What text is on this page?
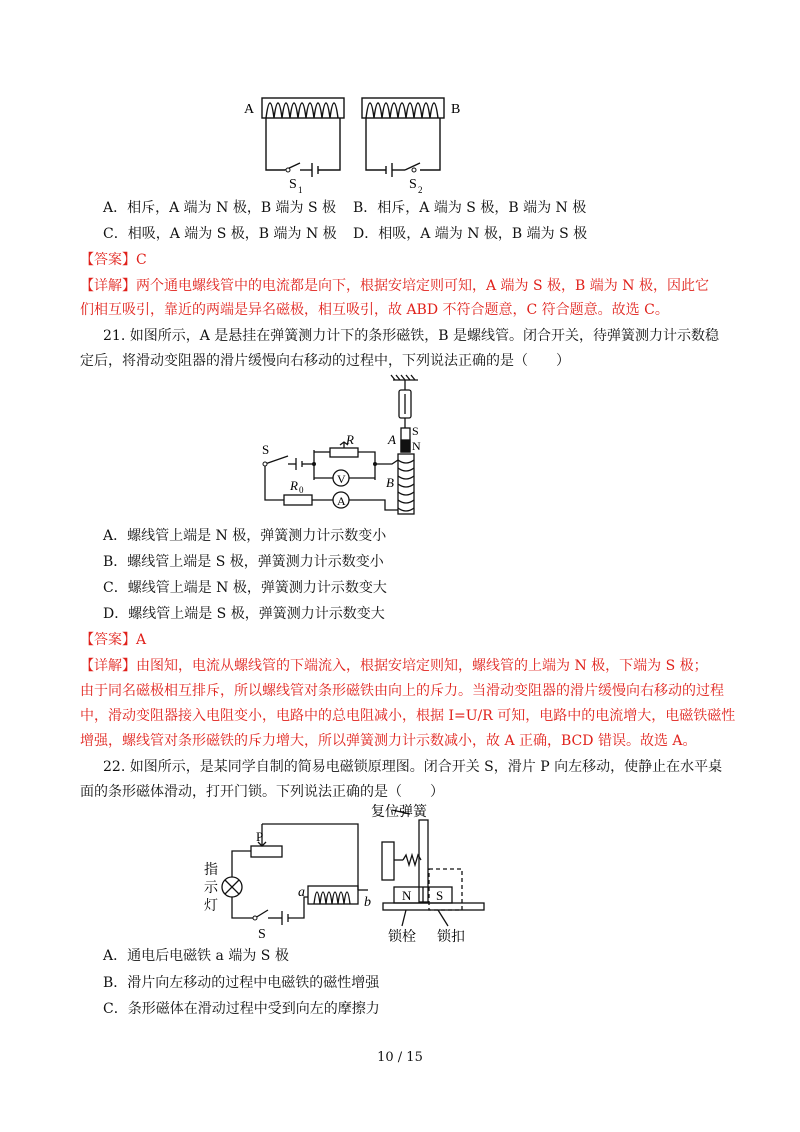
A	B
S 1	S 2
A．相斥，A 端为 N 极，B 端为 S 极 B．相斥，A 端为 S 极，B 端为 N 极
C．相吸，A 端为 S 极，B 端为 N 极 D．相吸，A 端为 N 极，B 端为 S 极
【答案】C
【详解】两个通电螺线管中的电流都是向下，根据安培定则可知，A 端为 S 极，B 端为 N 极，因此它
们相互吸引，靠近的两端是异名磁极，相互吸引，故 ABD 不符合题意，C 符合题意。故选 C。
21. 如图所示，A 是悬挂在弹簧测力计下的条形磁铁，B 是螺线管。闭合开关，待弹簧测力计示数稳
定后，将滑动变阻器的滑片缓慢向右移动的过程中，下列说法正确的是（　　）
S
R
V
A
R 0
A
S
N
B
A．螺线管上端是 N 极，弹簧测力计示数变小
B．螺线管上端是 S 极，弹簧测力计示数变小
C．螺线管上端是 N 极，弹簧测力计示数变大
D．螺线管上端是 S 极，弹簧测力计示数变大
【答案】A
【详解】由图知，电流从螺线管的下端流入，根据安培定则知，螺线管的上端为 N 极，下端为 S 极；
由于同名磁极相互排斥，所以螺线管对条形磁铁由向上的斥力。当滑动变阻器的滑片缓慢向右移动的过程
中，滑动变阻器接入电阻变小，电路中的总电阻减小，根据 I=U/R 可知，电路中的电流增大，电磁铁磁性
增强，螺线管对条形磁铁的斥力增大，所以弹簧测力计示数减小，故 A 正确，BCD 错误。故选 A。
22. 如图所示，是某同学自制的简易电磁锁原理图。闭合开关 S，滑片 P 向左移动，使静止在水平桌
面的条形磁体滑动，打开门锁。下列说法正确的是（　　）
复位弹簧
P
指
示
灯
a
b
S
N S
锁栓 锁扣
A．通电后电磁铁 a 端为 S 极
B．滑片向左移动的过程中电磁铁的磁性增强
C．条形磁体在滑动过程中受到向左的摩擦力
10 / 15
